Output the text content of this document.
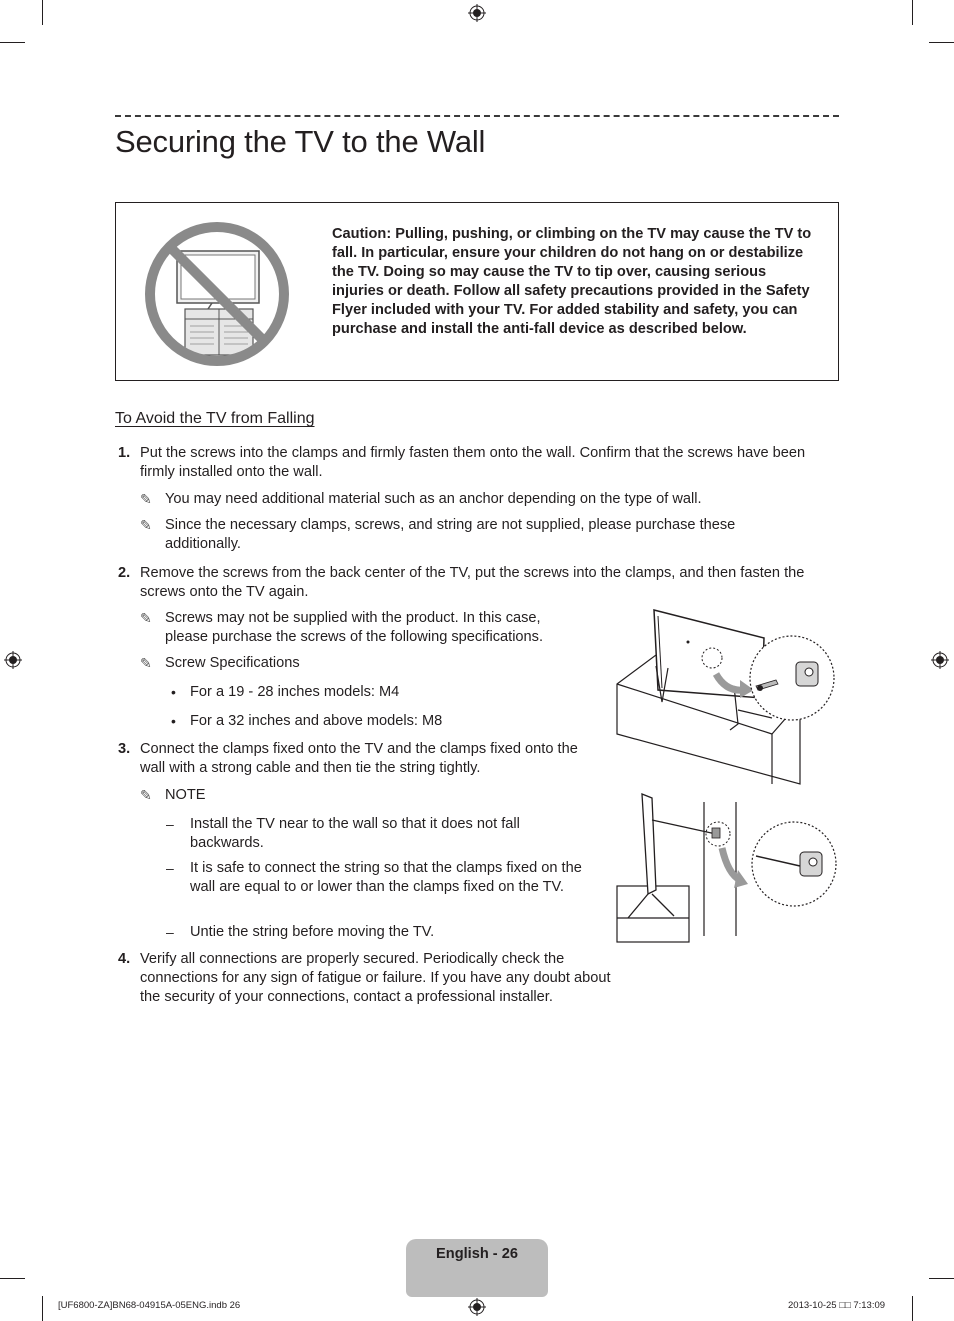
Securing the TV to the Wall

Caution: Pulling, pushing, or climbing on the TV may cause the TV to fall. In particular, ensure your children do not hang on or destabilize the TV. Doing so may cause the TV to tip over, causing serious injuries or death. Follow all safety precautions provided in the Safety Flyer included with your TV. For added stability and safety, you can purchase and install the anti-fall device as described below.

To Avoid the TV from Falling
1. Put the screws into the clamps and firmly fasten them onto the wall. Confirm that the screws have been firmly installed onto the wall.

✎ You may need additional material such as an anchor depending on the type of wall.

✎ Since the necessary clamps, screws, and string are not supplied, please purchase these additionally.

2. Remove the screws from the back center of the TV, put the screws into the clamps, and then fasten the screws onto the TV again.

✎ Screws may not be supplied with the product. In this case, please purchase the screws of the following specifications.

✎ Screw Specifications

• For a 19 - 28 inches models: M4

• For a 32 inches and above models: M8

3. Connect the clamps fixed onto the TV and the clamps fixed onto the wall with a strong cable and then tie the string tightly.

✎ NOTE

– Install the TV near to the wall so that it does not fall backwards.

– It is safe to connect the string so that the clamps fixed on the wall are equal to or lower than the clamps fixed on the TV.

– Untie the string before moving the TV.

4. Verify all connections are properly secured. Periodically check the connections for any sign of fatigue or failure. If you have any doubt about the security of your connections, contact a professional installer.

English - 26
[UF6800-ZA]BN68-04915A-05ENG.indb 26	2013-10-25 □□ 7:13:09
